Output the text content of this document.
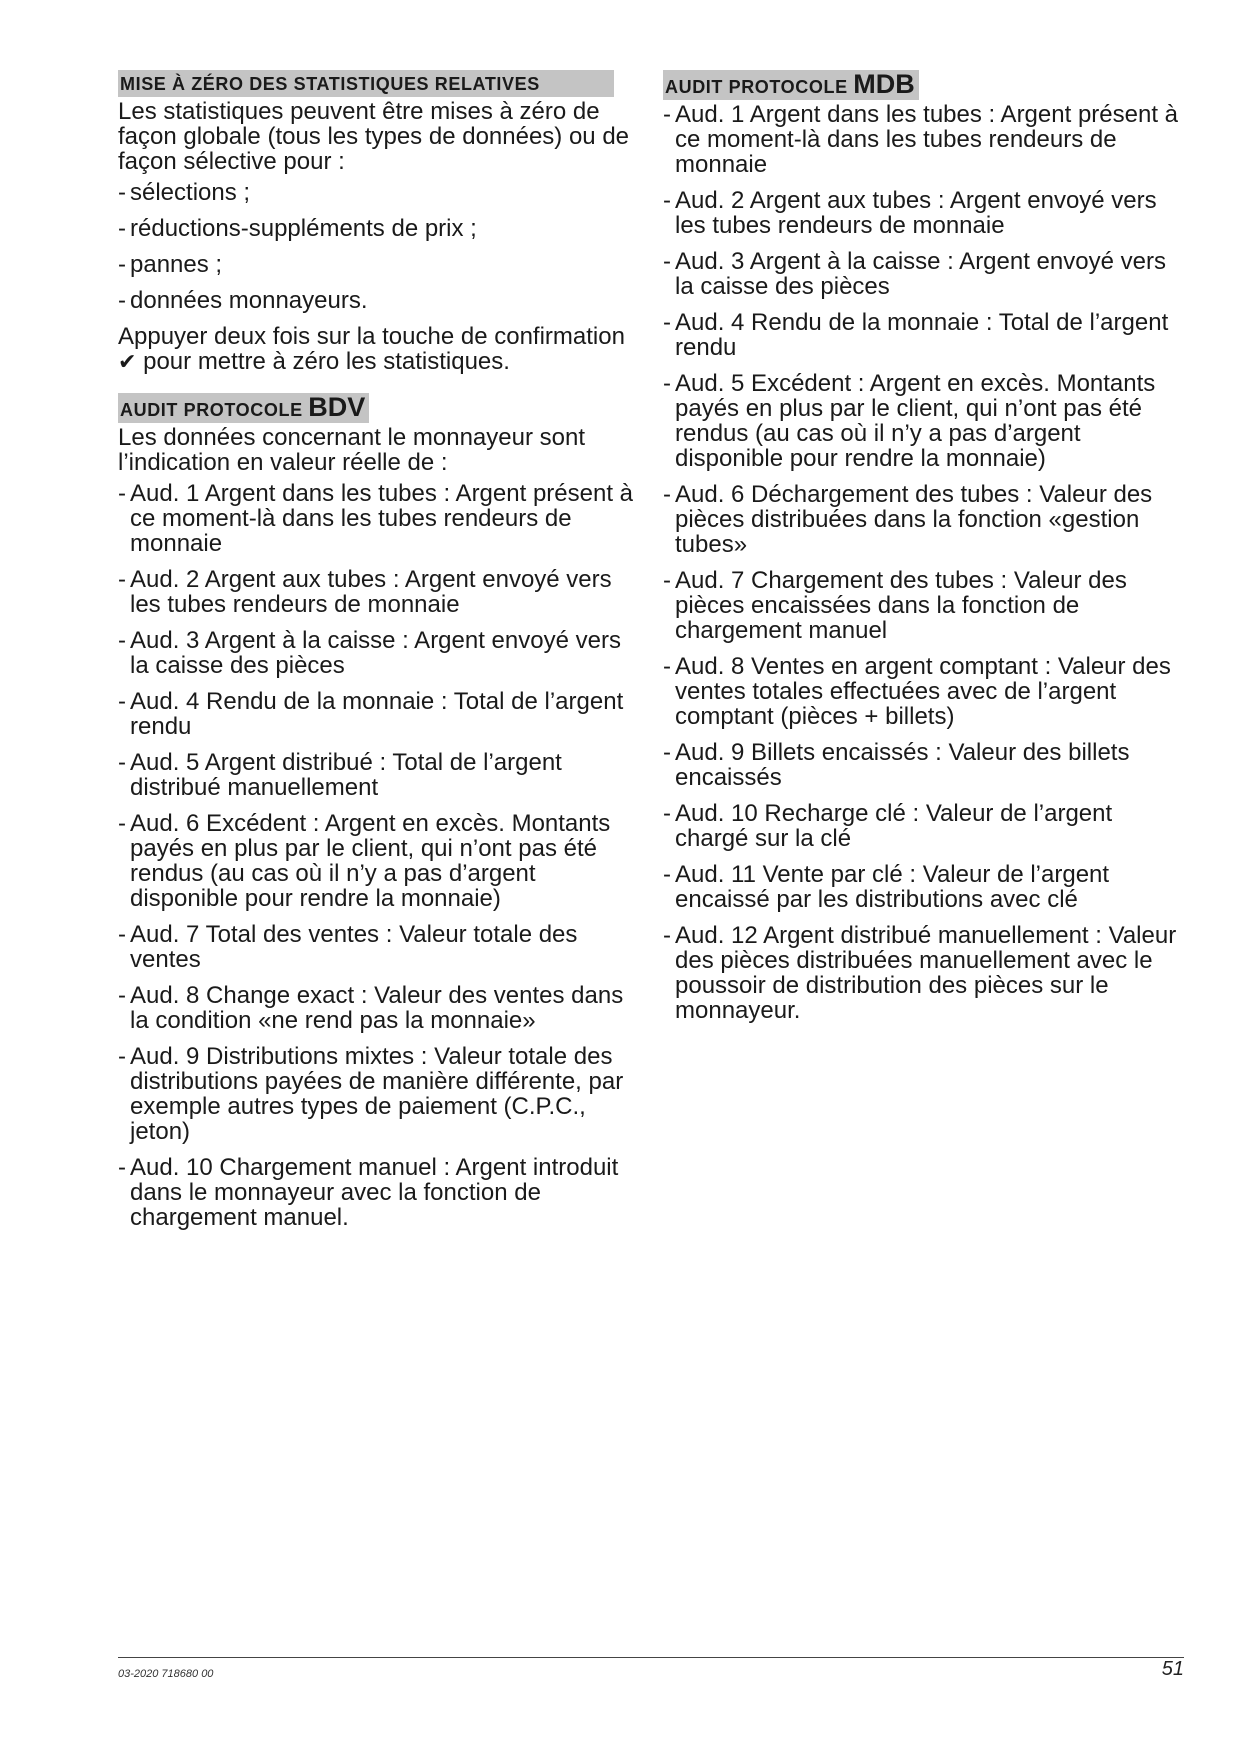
MISE À ZÉRO DES STATISTIQUES RELATIVES

Les statistiques peuvent être mises à zéro de façon globale (tous les types de données) ou de façon sélective pour :

- sélections ;
- réductions-suppléments de prix ;
- pannes ;
- données monnayeurs.

Appuyer deux fois sur la touche de confirmation ✔ pour mettre à zéro les statistiques.

AUDIT PROTOCOLE BDV

Les données concernant le monnayeur sont l’indication en valeur réelle de :

- Aud. 1 Argent dans les tubes : Argent présent à ce moment-là dans les tubes rendeurs de monnaie
- Aud. 2 Argent aux tubes : Argent envoyé vers les tubes rendeurs de monnaie
- Aud. 3 Argent à la caisse : Argent envoyé vers la caisse des pièces
- Aud. 4 Rendu de la monnaie : Total de l’argent rendu
- Aud. 5 Argent distribué : Total de l’argent distribué manuellement
- Aud. 6 Excédent : Argent en excès. Montants payés en plus par le client, qui n’ont pas été rendus (au cas où il n’y a pas d’argent disponible pour rendre la monnaie)
- Aud. 7 Total des ventes : Valeur totale des ventes
- Aud. 8 Change exact : Valeur des ventes dans la condition «ne rend pas la monnaie»
- Aud. 9 Distributions mixtes : Valeur totale des distributions payées de manière différente, par exemple autres types de paiement (C.P.C., jeton)
- Aud. 10 Chargement manuel : Argent introduit dans le monnayeur avec la fonction de chargement manuel.
AUDIT PROTOCOLE MDB
- Aud. 1 Argent dans les tubes : Argent présent à ce moment-là dans les tubes rendeurs de monnaie
- Aud. 2 Argent aux tubes : Argent envoyé vers les tubes rendeurs de monnaie
- Aud. 3 Argent à la caisse : Argent envoyé vers la caisse des pièces
- Aud. 4 Rendu de la monnaie : Total de l’argent rendu
- Aud. 5 Excédent : Argent en excès. Montants payés en plus par le client, qui n’ont pas été rendus (au cas où il n’y a pas d’argent disponible pour rendre la monnaie)
- Aud. 6 Déchargement des tubes : Valeur des pièces distribuées dans la fonction «gestion tubes»
- Aud. 7 Chargement des tubes : Valeur des pièces encaissées dans la fonction de chargement manuel
- Aud. 8 Ventes en argent comptant : Valeur des ventes totales effectuées avec de l’argent comptant (pièces + billets)
- Aud. 9 Billets encaissés : Valeur des billets encaissés
- Aud. 10 Recharge clé : Valeur de l’argent chargé sur la clé
- Aud. 11 Vente par clé : Valeur de l’argent encaissé par les distributions avec clé
- Aud. 12 Argent distribué manuellement : Valeur des pièces distribuées manuellement avec le poussoir de distribution des pièces sur le monnayeur.
03-2020 718680 00	51
